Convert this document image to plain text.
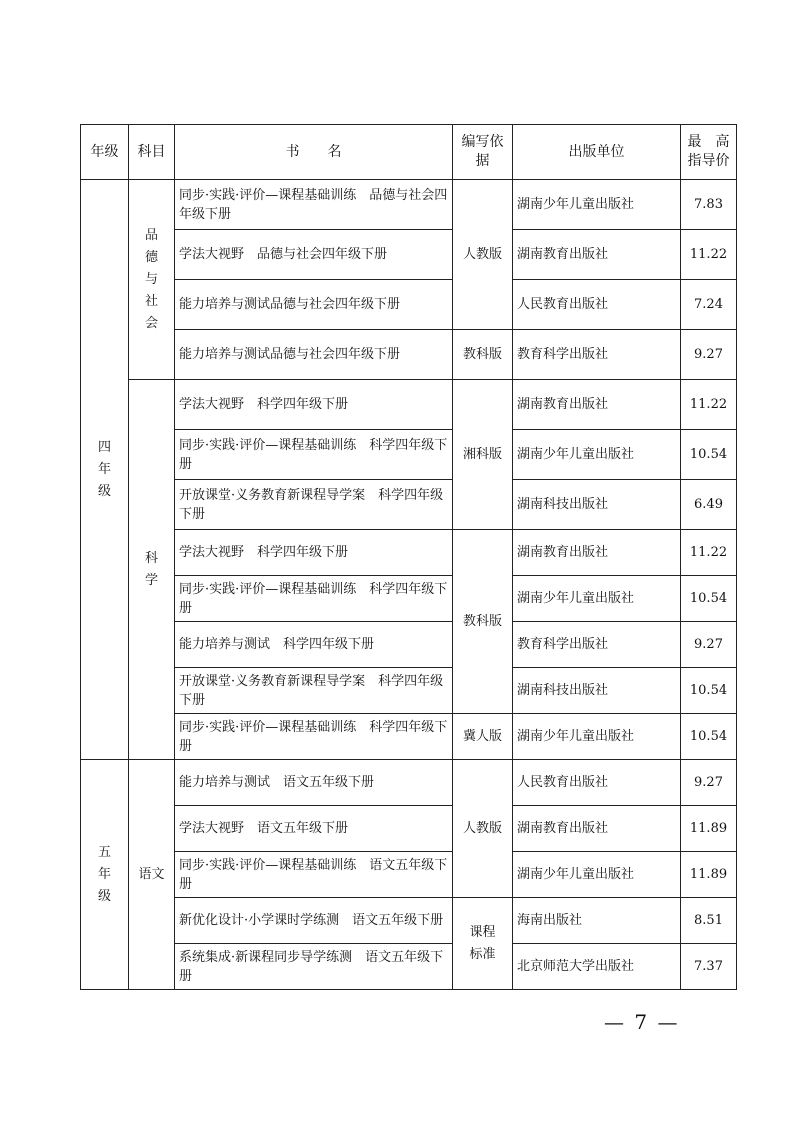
年级	科目	书　　名	编写依据	出版单位	最　高指导价
四年级	品德与社会	同步·实践·评价—课程基础训练　品德与社会四年级下册	人教版	湖南少年儿童出版社	7.83
		学法大视野　品德与社会四年级下册		湖南教育出版社	11.22
		能力培养与测试品德与社会四年级下册		人民教育出版社	7.24
		能力培养与测试品德与社会四年级下册	教科版	教育科学出版社	9.27
	科学	学法大视野　科学四年级下册	湘科版	湖南教育出版社	11.22
		同步·实践·评价—课程基础训练　科学四年级下册		湖南少年儿童出版社	10.54
		开放课堂·义务教育新课程导学案　科学四年级下册		湖南科技出版社	6.49
		学法大视野　科学四年级下册	教科版	湖南教育出版社	11.22
		同步·实践·评价—课程基础训练　科学四年级下册		湖南少年儿童出版社	10.54
		能力培养与测试　科学四年级下册		教育科学出版社	9.27
		开放课堂·义务教育新课程导学案　科学四年级下册		湖南科技出版社	10.54
		同步·实践·评价—课程基础训练　科学四年级下册	冀人版	湖南少年儿童出版社	10.54
五年级	语文	能力培养与测试　语文五年级下册	人教版	人民教育出版社	9.27
		学法大视野　语文五年级下册		湖南教育出版社	11.89
		同步·实践·评价—课程基础训练　语文五年级下册		湖南少年儿童出版社	11.89
		新优化设计·小学课时学练测　语文五年级下册	课程标准	海南出版社	8.51
		系统集成·新课程同步导学练测　语文五年级下册		北京师范大学出版社	7.37
— 7 —
